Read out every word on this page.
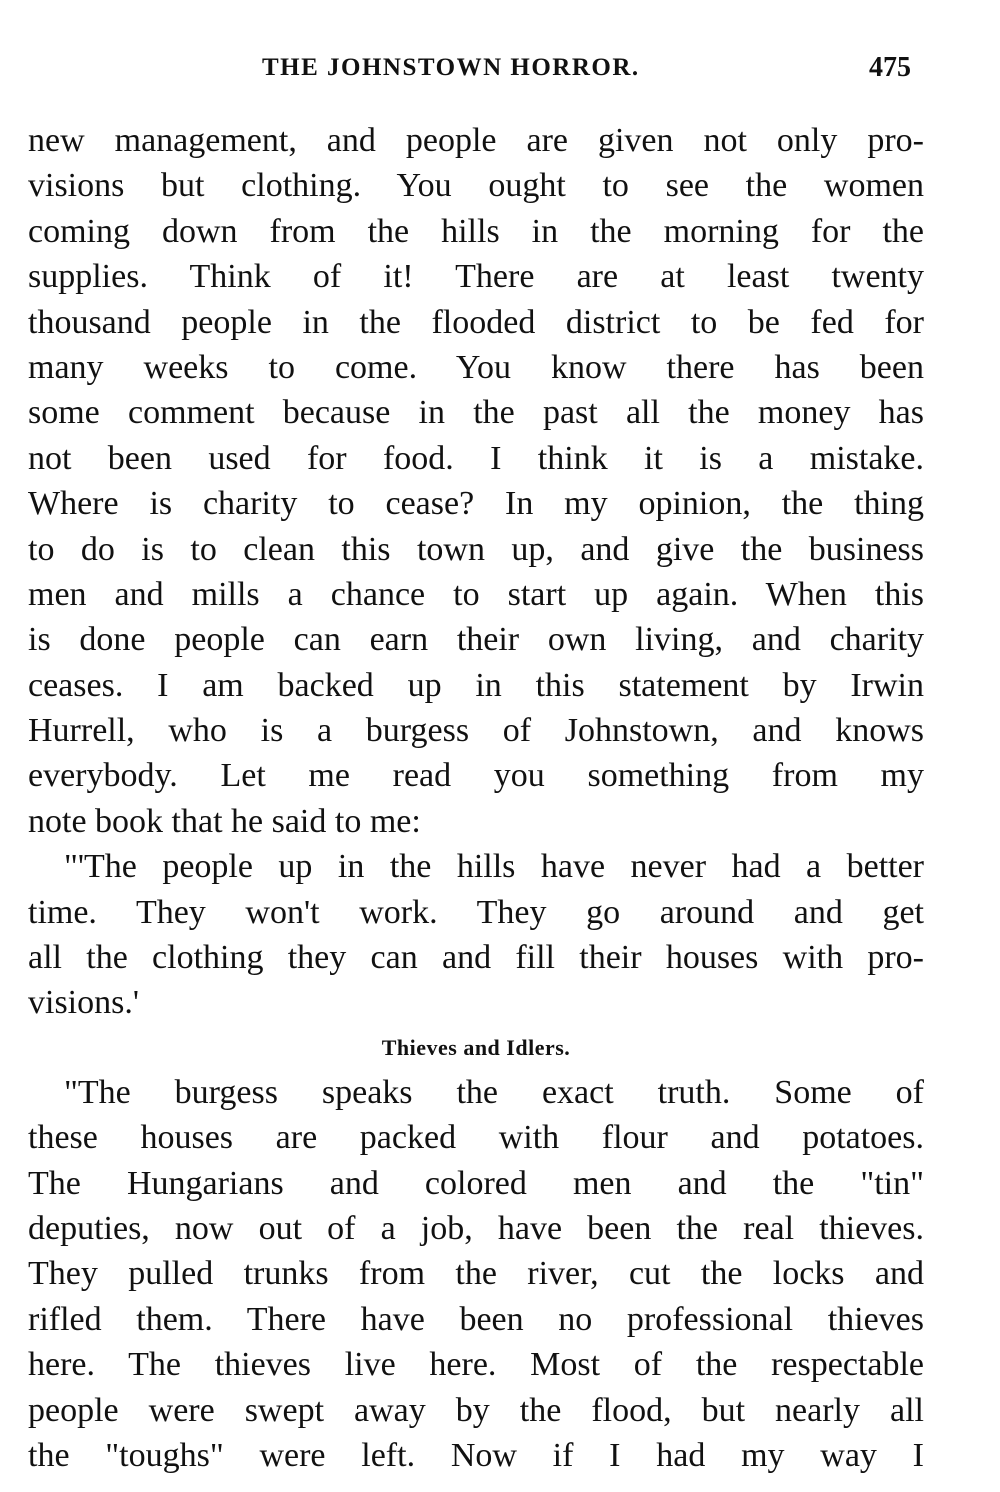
THE JOHNSTOWN HORROR.	475
new management, and people are given not only pro-
visions but clothing. You ought to see the women
coming down from the hills in the morning for the
supplies. Think of it! There are at least twenty
thousand people in the flooded district to be fed for
many weeks to come. You know there has been
some comment because in the past all the money has
not been used for food. I think it is a mistake.
Where is charity to cease? In my opinion, the thing
to do is to clean this town up, and give the business
men and mills a chance to start up again. When this
is done people can earn their own living, and charity
ceases. I am backed up in this statement by Irwin
Hurrell, who is a burgess of Johnstown, and knows
everybody. Let me read you something from my
note book that he said to me:
"'The people up in the hills have never had a better
time. They won't work. They go around and get
all the clothing they can and fill their houses with pro-
visions.'
Thieves and Idlers.
"The burgess speaks the exact truth. Some of
these houses are packed with flour and potatoes.
The Hungarians and colored men and the "tin"
deputies, now out of a job, have been the real thieves.
They pulled trunks from the river, cut the locks and
rifled them. There have been no professional thieves
here. The thieves live here. Most of the respectable
people were swept away by the flood, but nearly all
the "toughs" were left. Now if I had my way I
